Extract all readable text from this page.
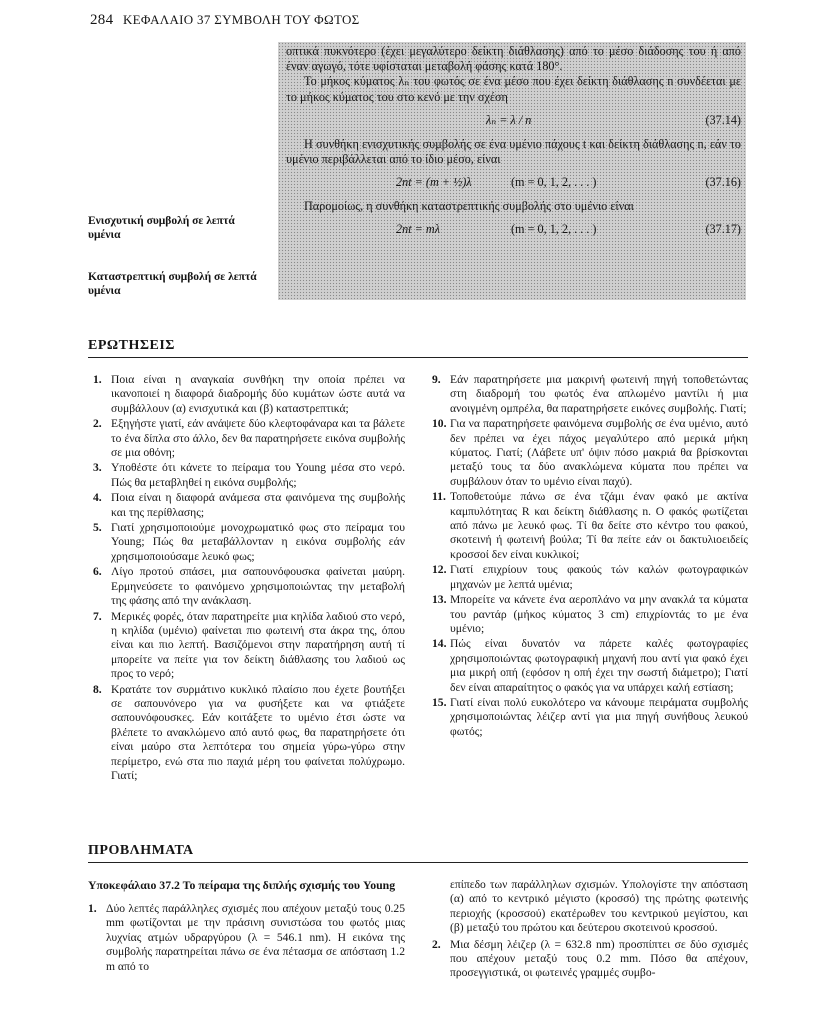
284 ΚΕΦΑΛΑΙΟ 37 ΣΥΜΒΟΛΗ ΤΟΥ ΦΩΤΟΣ

οπτικά πυκνότερο (έχει μεγαλύτερο δείκτη διάθλασης) από το μέσο διάδοσης του ή από έναν αγωγό, τότε υφίσταται μεταβολή φάσης κατά 180°.

Το μήκος κύματος λₙ του φωτός σε ένα μέσο που έχει δείκτη διάθλασης n συνδέεται με το μήκος κύματος του στο κενό με την σχέση

λₙ = λ / n	(37.14)

Η συνθήκη ενισχυτικής συμβολής σε ένα υμένιο πάχους t και δείκτη διάθλασης n, εάν το υμένιο περιβάλλεται από το ίδιο μέσο, είναι

2nt = (m + ½)λ	(m = 0, 1, 2, . . . )	(37.16)

Παρομοίως, η συνθήκη καταστρεπτικής συμβολής στο υμένιο είναι

2nt = mλ	(m = 0, 1, 2, . . . )	(37.17)
Ενισχυτική συμβολή σε λεπτά υμένια
Καταστρεπτική συμβολή σε λεπτά υμένια
ΕΡΩΤΗΣΕΙΣ
1. Ποια είναι η αναγκαία συνθήκη την οποία πρέπει να ικανοποιεί η διαφορά διαδρομής δύο κυμάτων ώστε αυτά να συμβάλλουν (α) ενισχυτικά και (β) καταστρεπτικά;
2. Εξηγήστε γιατί, εάν ανάψετε δύο κλεφτοφάναρα και τα βάλετε το ένα δίπλα στο άλλο, δεν θα παρατηρήσετε εικόνα συμβολής σε μια οθόνη;
3. Υποθέστε ότι κάνετε το πείραμα του Young μέσα στο νερό. Πώς θα μεταβληθεί η εικόνα συμβολής;
4. Ποια είναι η διαφορά ανάμεσα στα φαινόμενα της συμβολής και της περίθλασης;
5. Γιατί χρησιμοποιούμε μονοχρωματικό φως στο πείραμα του Young; Πώς θα μεταβάλλονταν η εικόνα συμβολής εάν χρησιμοποιούσαμε λευκό φως;
6. Λίγο προτού σπάσει, μια σαπουνόφουσκα φαίνεται μαύρη. Ερμηνεύσετε το φαινόμενο χρησιμοποιώντας την μεταβολή της φάσης από την ανάκλαση.
7. Μερικές φορές, όταν παρατηρείτε μια κηλίδα λαδιού στο νερό, η κηλίδα (υμένιο) φαίνεται πιο φωτεινή στα άκρα της, όπου είναι και πιο λεπτή. Βασιζόμενοι στην παρατήρηση αυτή τί μπορείτε να πείτε για τον δείκτη διάθλασης του λαδιού ως προς το νερό;
8. Κρατάτε τον συρμάτινο κυκλικό πλαίσιο που έχετε βουτήξει σε σαπουνόνερο για να φυσήξετε και να φτιάξετε σαπουνόφουσκες. Εάν κοιτάξετε το υμένιο έτσι ώστε να βλέπετε το ανακλώμενο από αυτό φως, θα παρατηρήσετε ότι είναι μαύρο στα λεπτότερα του σημεία γύρω-γύρω στην περίμετρο, ενώ στα πιο παχιά μέρη του φαίνεται πολύχρωμο. Γιατί;
9. Εάν παρατηρήσετε μια μακρινή φωτεινή πηγή τοποθετώντας στη διαδρομή του φωτός ένα απλωμένο μαντίλι ή μια ανοιγμένη ομπρέλα, θα παρατηρήσετε εικόνες συμβολής. Γιατί;
10. Για να παρατηρήσετε φαινόμενα συμβολής σε ένα υμένιο, αυτό δεν πρέπει να έχει πάχος μεγαλύτερο από μερικά μήκη κύματος. Γιατί; (Λάβετε υπ' όψιν πόσο μακριά θα βρίσκονται μεταξύ τους τα δύο ανακλώμενα κύματα που πρέπει να συμβάλουν όταν το υμένιο είναι παχύ).
11. Τοποθετούμε πάνω σε ένα τζάμι έναν φακό με ακτίνα καμπυλότητας R και δείκτη διάθλασης n. Ο φακός φωτίζεται από πάνω με λευκό φως. Τί θα δείτε στο κέντρο του φακού, σκοτεινή ή φωτεινή βούλα; Τί θα πείτε εάν οι δακτυλιοειδείς κροσσοί δεν είναι κυκλικοί;
12. Γιατί επιχρίουν τους φακούς τών καλών φωτογραφικών μηχανών με λεπτά υμένια;
13. Μπορείτε να κάνετε ένα αεροπλάνο να μην ανακλά τα κύματα του ραντάρ (μήκος κύματος 3 cm) επιχρίοντάς το με ένα υμένιο;
14. Πώς είναι δυνατόν να πάρετε καλές φωτογραφίες χρησιμοποιώντας φωτογραφική μηχανή που αντί για φακό έχει μια μικρή οπή (εφόσον η οπή έχει την σωστή διάμετρο); Γιατί δεν είναι απαραίτητος ο φακός για να υπάρχει καλή εστίαση;
15. Γιατί είναι πολύ ευκολότερο να κάνουμε πειράματα συμβολής χρησιμοποιώντας λέιζερ αντί για μια πηγή συνήθους λευκού φωτός;
ΠΡΟΒΛΗΜΑΤΑ
Υποκεφάλαιο 37.2 Το πείραμα της διπλής σχισμής του Young
1. Δύο λεπτές παράλληλες σχισμές που απέχουν μεταξύ τους 0.25 mm φωτίζονται με την πράσινη συνιστώσα του φωτός μιας λυχνίας ατμών υδραργύρου (λ = 546.1 nm). Η εικόνα της συμβολής παρατηρείται πάνω σε ένα πέτασμα σε απόσταση 1.2 m από το
επίπεδο των παράλληλων σχισμών. Υπολογίστε την απόσταση (α) από το κεντρικό μέγιστο (κροσσό) της πρώτης φωτεινής περιοχής (κροσσού) εκατέρωθεν του κεντρικού μεγίστου, και (β) μεταξύ του πρώτου και δεύτερου σκοτεινού κροσσού.
2. Μια δέσμη λέιζερ (λ = 632.8 nm) προσπίπτει σε δύο σχισμές που απέχουν μεταξύ τους 0.2 mm. Πόσο θα απέχουν, προσεγγιστικά, οι φωτεινές γραμμές συμβο-
